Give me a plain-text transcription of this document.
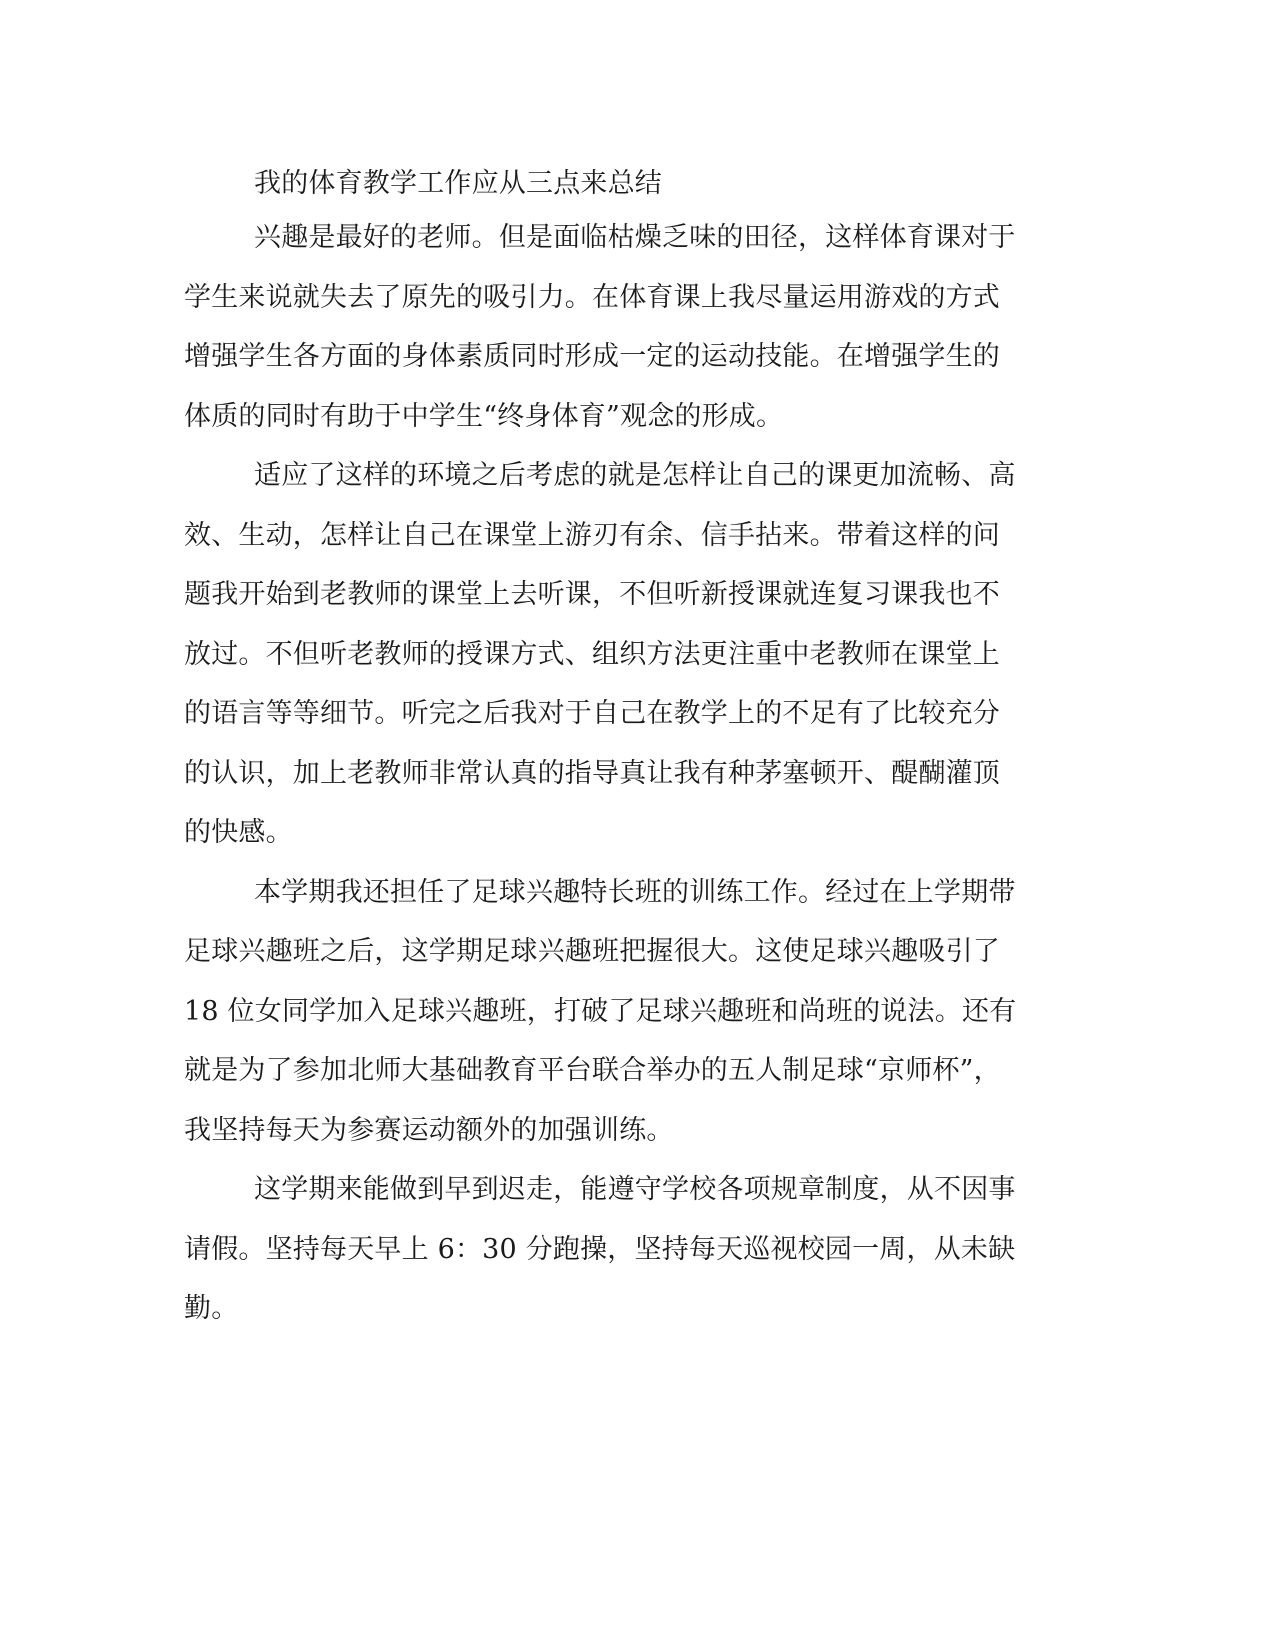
我的体育教学工作应从三点来总结
兴趣是最好的老师。但是面临枯燥乏味的田径，这样体育课对于
学生来说就失去了原先的吸引力。在体育课上我尽量运用游戏的方式
增强学生各方面的身体素质同时形成一定的运动技能。在增强学生的
体质的同时有助于中学生“终身体育”观念的形成。
适应了这样的环境之后考虑的就是怎样让自己的课更加流畅、高
效、生动，怎样让自己在课堂上游刃有余、信手拈来。带着这样的问
题我开始到老教师的课堂上去听课，不但听新授课就连复习课我也不
放过。不但听老教师的授课方式、组织方法更注重中老教师在课堂上
的语言等等细节。听完之后我对于自己在教学上的不足有了比较充分
的认识，加上老教师非常认真的指导真让我有种茅塞顿开、醍醐灌顶
的快感。
本学期我还担任了足球兴趣特长班的训练工作。经过在上学期带
足球兴趣班之后，这学期足球兴趣班把握很大。这使足球兴趣吸引了
18 位女同学加入足球兴趣班，打破了足球兴趣班和尚班的说法。还有
就是为了参加北师大基础教育平台联合举办的五人制足球“京师杯”，
我坚持每天为参赛运动额外的加强训练。
这学期来能做到早到迟走，能遵守学校各项规章制度，从不因事
请假。坚持每天早上 6：30 分跑操，坚持每天巡视校园一周，从未缺
勤。
